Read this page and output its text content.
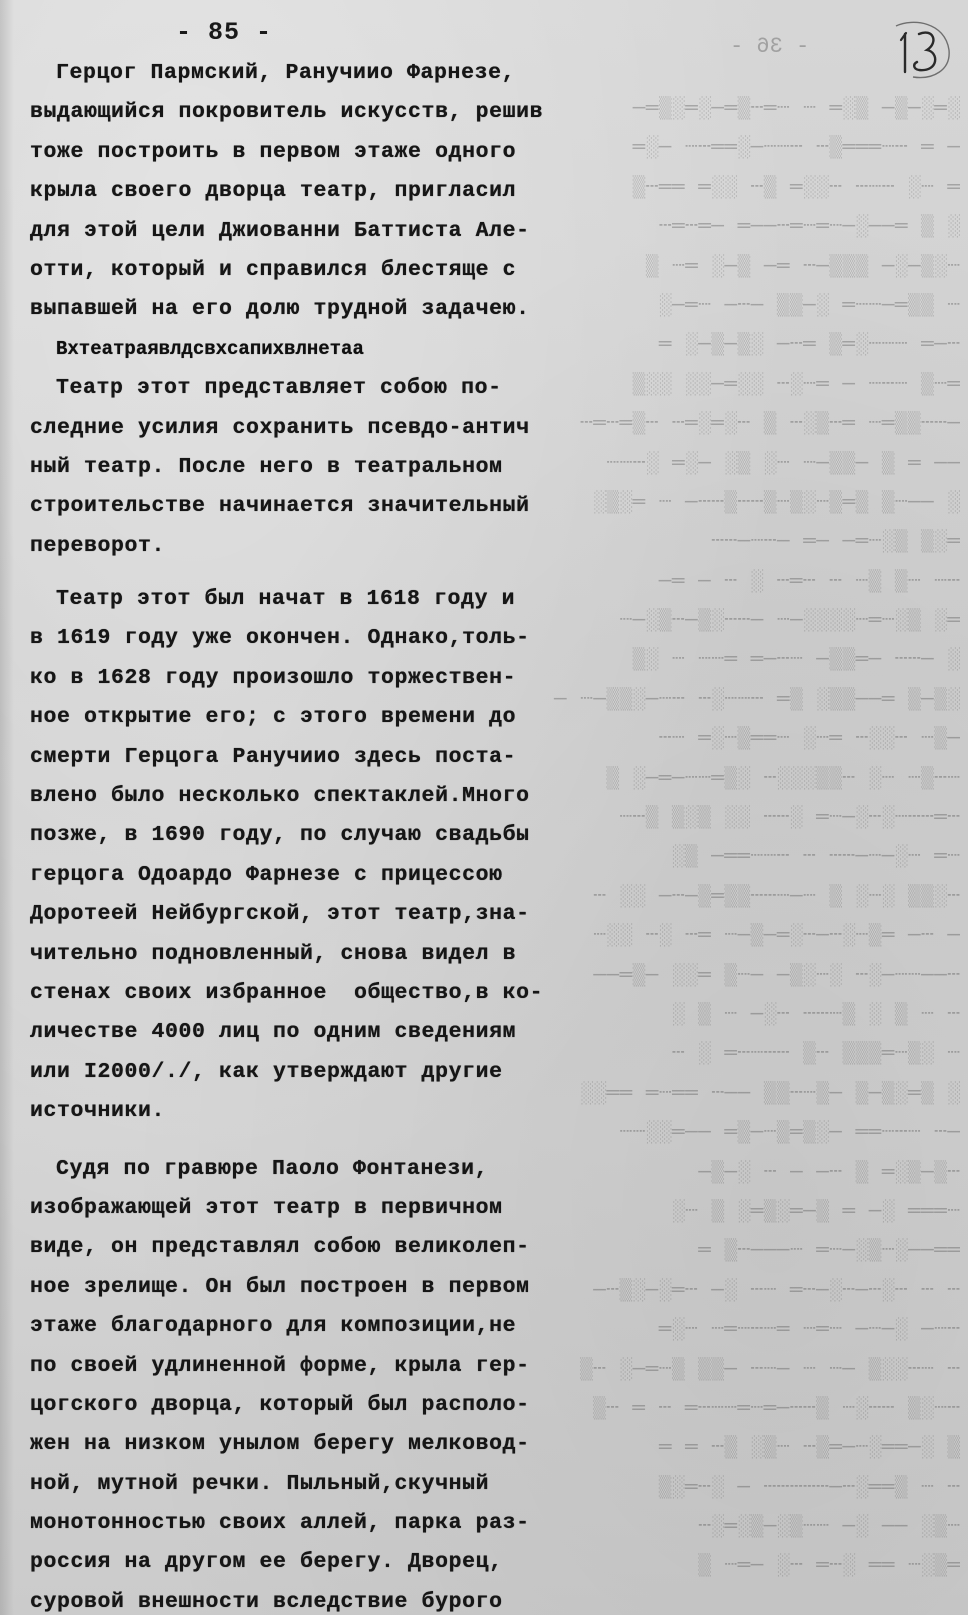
- 36 -
░═░─▒─ ▒░═ ┈ ┈═┄▒═─░═░▒═─
─ ═ ┄┈═══▒┄ ┄┈┈─░══┄┈ ─░═
═ ┈░ ┄┈┄ ┄░░═ ▒┄ ░░═ ══┄▒
░ ▒ ═──░─┈═┈═┄──═ ─═┄═┄
┈░▒─░─ ▒▒▒─┄ ═─ ▒─░ ═┈ ▒
┈ ▒▒═─┈┈═ ░─▒▒ ─┄─ ┈═─░
┄─═ ┈┈┈░═▒ ═┄─ ░▒─▒─░ ═
═┈▒ ┈┄┈ ─ ═┈░┄ ░░═─░░ ░░▒
─┄┄▒▒═┈ ═┄▒░┄ ▒ ┄░═░═┄ ┄▒═┄═┄
── ═ ▒ ─▒▒─┈ ┈░ ▒░ ─░═ ░┄┈┈
░ ──┈▒ ▒═▒┈░▒┈▒┄┄▒┄┄─ ┈ ═░▒░
═░▒ ▒░┈═─ ─═ ─┄┈─┄┄
┄┈ ┈▒ ▒┈ ┄ ┄═┄ ░ ┄ ─ ═─
═░ ▒░┈═┈░░░░─┈ ─┄┄░▒─┄▒░─┈
░ ─┄┄ ─═▒▒─ ┈┄─═ ═┈┈ ┈ ░▒
░▒─▒ ═──▒▒░ ▒═ ┄┈┈░┄ ┄┈─░▒▒─┈ ─
─▒┈ ┄░░┄ ═┈░ ┈══▒┈░═ ┈┄
┈┄▒┈ ┈░ ┄▒▒░░░┄ ░▒═┈┈─═─░ ▒
┄═┄┄┈░┄░─┈═ ░┄┄ ░░ ▒░▒ ▒┄┈
┈═ ┈░─┈─┄┄ ┄ ┄┈┈══─ ▒░
┄░▒▒ ░┈░ ▒ ┈─┈┄┄▒▒═▒─┄─ ░░ ┄
─ ┄─ ═▒┈░┄─┄░═─▒─┈ ═┄ ░┄ ░░┈
┄──┈┈─░┄ ░┈░▒─ ─┈▒ ═░░ ─▒═──
┄ ┈ ▒ ░ ▒┈┄┄ ┄░─ ┈ ▒ ░
┈ ░▒┈═▒▒▒ ┄▒ ┄┄┈┄═ ░ ┄
░ ▒═░▒─▒ ─▒┈┄▒▒ ──┄ ══┈═ ══░░
─┄ ┈┄┈══ ─░▒═▒┈─▒═ ──═░░┈┈
┄▒─▒░═ ▒ ┄─ ─ ┄ ░─▒─
┈═══ ░─ ═ ▒─═░▒═░ ▒ ┈░
══──░┈▒░─┈═ ┈───┄▒ ═
┄ ┄ ┄░┄─┄░─┄═ ┈┄ ░─ ┄═░─░▒┄─
┄┈─ ░─┈─ ┈═┈ ═┈┄┈═┈ ┈░═
┄ ┈┄░░▒ ─┈ ┈ ─┈┄ ─▒▒ ▒┈═─░ ┄▒
┄┈░▒ ┄┄░┈ ▒┄┄─═┈═┈┈┄═ ┄ ═ ┄▒
▒ ░─══░┈─═▒┄ ┈▒░ ▒┄ ═ ═
┄ ┈ ▒══░┄─┄┄┄┄┄ ─ ░┄═░▒
┈▒░ ── ░─ ┈┈▒░─▒░═░┄
═▒░┈ ══ ░┄═ ┄░ ─═┈ ▒
- 85 -
Герцог Пармский, Ранучиио Фарнезе,
выдающийся покровитель искусств, решив
тоже построить в первом этаже одного
крыла своего дворца театр, пригласил
для этой цели Джиованни Баттиста Але-
отти, который и справился блестяще с
выпавшей на его долю трудной задачею.
Вхтеатраявлдсвхсапихвлнетаа
Театр этот представляет собою по-
следние усилия сохранить псевдо-антич
ный театр. После него в театральном
строительстве начинается значительный
переворот.
Театр этот был начат в 1618 году и
в 1619 году уже окончен. Однако,толь-
ко в 1628 году произошло торжествен-
ное открытие его; с этого времени до
смерти Герцога Ранучиио здесь поста-
влено было несколько спектаклей.Много
позже, в 1690 году, по случаю свадьбы
герцога Одоардо Фарнезе с прицессою
Доротеей Нейбургской, этот театр,зна-
чительно подновленный, снова видел в
стенах своих избранное  общество,в ко-
личестве 4000 лиц по одним сведениям
или I2000/./, как утверждают другие
источники.
Судя по гравюре Паоло Фонтанези,
изображающей этот театр в первичном
виде, он представлял собою великолеп-
ное зрелище. Он был построен в первом
этаже благодарного для композиции,не
по своей удлиненной форме, крыла гер-
цогского дворца, который был располо-
жен на низком унылом берегу мелковод-
ной, мутной речки. Пыльный,скучный
монотонностью своих аллей, парка раз-
россия на другом ее берегу. Дворец,
суровой внешности вследствие бурого
